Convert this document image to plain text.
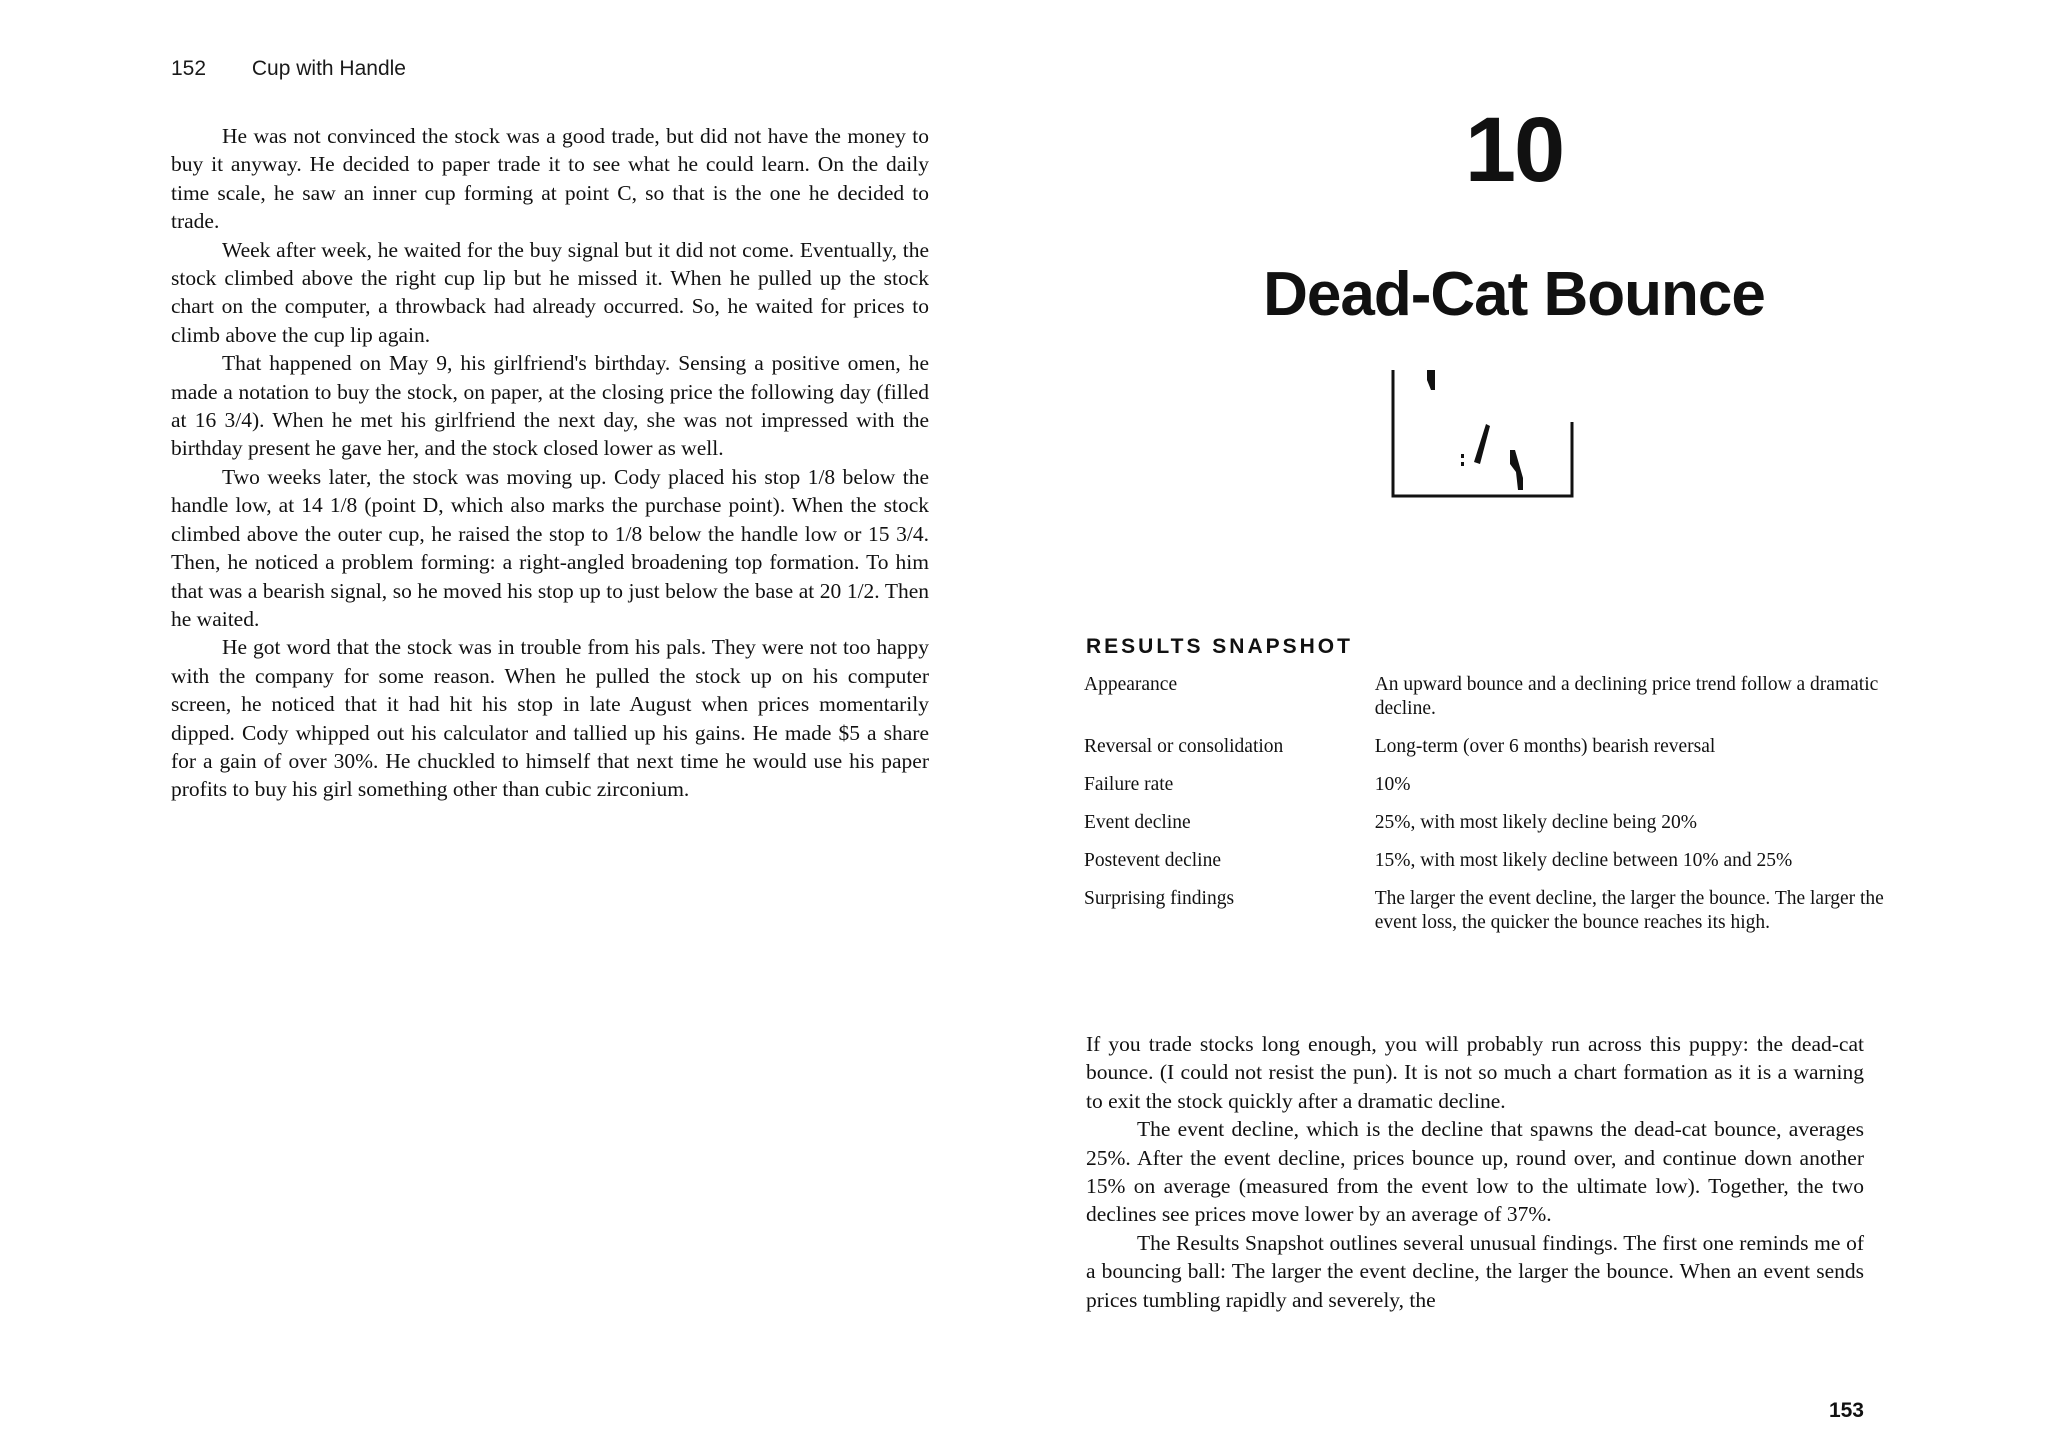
152 Cup with Handle

He was not convinced the stock was a good trade, but did not have the money to buy it anyway. He decided to paper trade it to see what he could learn. On the daily time scale, he saw an inner cup forming at point C, so that is the one he decided to trade.

Week after week, he waited for the buy signal but it did not come. Eventually, the stock climbed above the right cup lip but he missed it. When he pulled up the stock chart on the computer, a throwback had already occurred. So, he waited for prices to climb above the cup lip again.

That happened on May 9, his girlfriend's birthday. Sensing a positive omen, he made a notation to buy the stock, on paper, at the closing price the following day (filled at 16 3/4). When he met his girlfriend the next day, she was not impressed with the birthday present he gave her, and the stock closed lower as well.

Two weeks later, the stock was moving up. Cody placed his stop 1/8 below the handle low, at 14 1/8 (point D, which also marks the purchase point). When the stock climbed above the outer cup, he raised the stop to 1/8 below the handle low or 15 3/4. Then, he noticed a problem forming: a right-angled broadening top formation. To him that was a bearish signal, so he moved his stop up to just below the base at 20 1/2. Then he waited.

He got word that the stock was in trouble from his pals. They were not too happy with the company for some reason. When he pulled the stock up on his computer screen, he noticed that it had hit his stop in late August when prices momentarily dipped. Cody whipped out his calculator and tallied up his gains. He made $5 a share for a gain of over 30%. He chuckled to himself that next time he would use his paper profits to buy his girl something other than cubic zirconium.

10
Dead-Cat Bounce
RESULTS SNAPSHOT
Appearance	An upward bounce and a declining price trend follow a dramatic decline.
Reversal or consolidation	Long-term (over 6 months) bearish reversal
Failure rate	10%
Event decline	25%, with most likely decline being 20%
Postevent decline	15%, with most likely decline between 10% and 25%
Surprising findings	The larger the event decline, the larger the bounce. The larger the event loss, the quicker the bounce reaches its high.

If you trade stocks long enough, you will probably run across this puppy: the dead-cat bounce. (I could not resist the pun). It is not so much a chart formation as it is a warning to exit the stock quickly after a dramatic decline.

The event decline, which is the decline that spawns the dead-cat bounce, averages 25%. After the event decline, prices bounce up, round over, and continue down another 15% on average (measured from the event low to the ultimate low). Together, the two declines see prices move lower by an average of 37%.

The Results Snapshot outlines several unusual findings. The first one reminds me of a bouncing ball: The larger the event decline, the larger the bounce. When an event sends prices tumbling rapidly and severely, the

153
